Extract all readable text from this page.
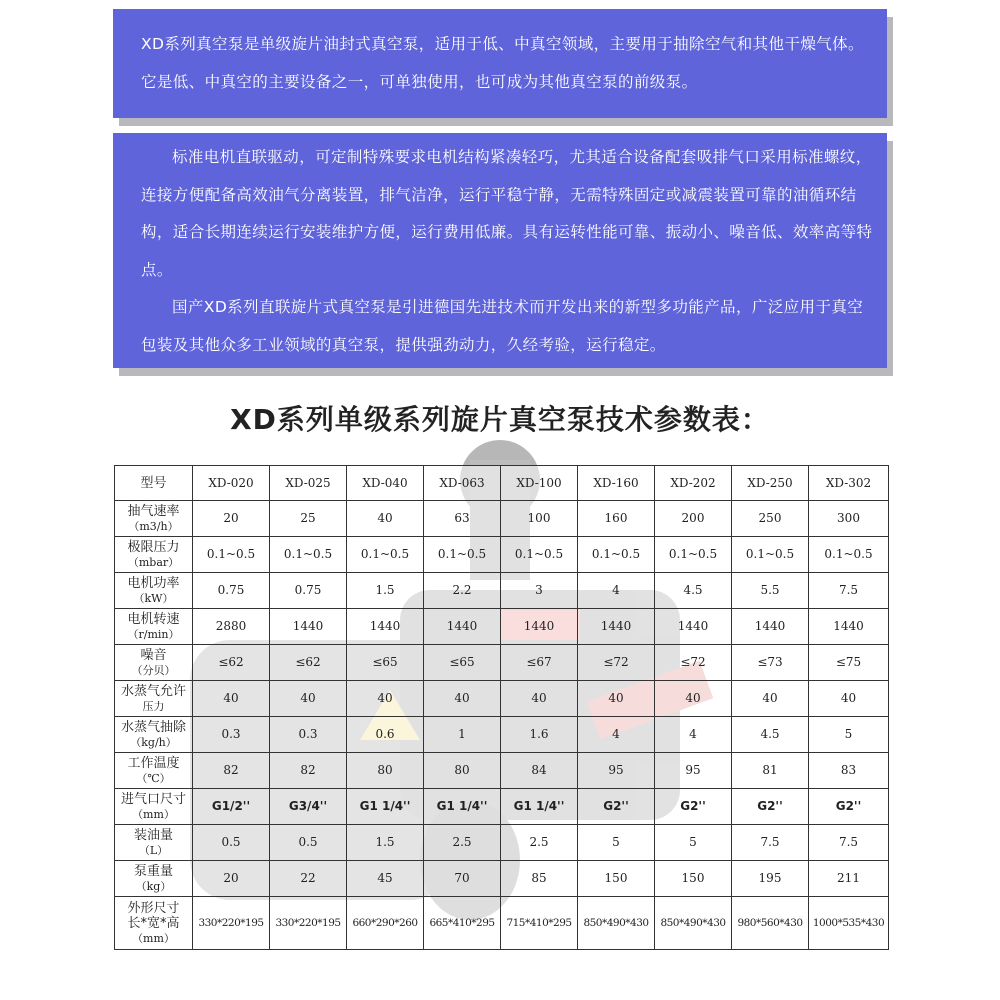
XD系列真空泵是单级旋片油封式真空泵，适用于低、中真空领域，主要用于抽除空气和其他干燥气体。它是低、中真空的主要设备之一，可单独使用，也可成为其他真空泵的前级泵。

标准电机直联驱动，可定制特殊要求电机结构紧凑轻巧，尤其适合设备配套吸排气口采用标准螺纹，连接方便配备高效油气分离装置，排气洁净，运行平稳宁静，无需特殊固定或减震装置可靠的油循环结构，适合长期连续运行安装维护方便，运行费用低廉。具有运转性能可靠、振动小、噪音低、效率高等特点。

国产XD系列直联旋片式真空泵是引进德国先进技术而开发出来的新型多功能产品，广泛应用于真空包装及其他众多工业领域的真空泵，提供强劲动力，久经考验，运行稳定。

XD系列单级系列旋片真空泵技术参数表：
型号	XD-020	XD-025	XD-040	XD-063	XD-100	XD-160	XD-202	XD-250	XD-302

抽气速率
（m3/h）	20	25	40	63	100	160	200	250	300

极限压力
（mbar）	0.1~0.5	0.1~0.5	0.1~0.5	0.1~0.5	0.1~0.5	0.1~0.5	0.1~0.5	0.1~0.5	0.1~0.5

电机功率
（kW）	0.75	0.75	1.5	2.2	3	4	4.5	5.5	7.5

电机转速
（r/min）	2880	1440	1440	1440	1440	1440	1440	1440	1440

噪音
（分贝）	≤62	≤62	≤65	≤65	≤67	≤72	≤72	≤73	≤75

水蒸气允许
压力	40	40	40	40	40	40	40	40	40

水蒸气抽除
（kg/h）	0.3	0.3	0.6	1	1.6	4	4	4.5	5

工作温度
（℃）	82	82	80	80	84	95	95	81	83

进气口尺寸
（mm）	G1/2''	G3/4''	G1 1/4''	G1 1/4''	G1 1/4''	G2''	G2''	G2''	G2''

装油量
（L）	0.5	0.5	1.5	2.5	2.5	5	5	7.5	7.5

泵重量
（kg）	20	22	45	70	85	150	150	195	211

外形尺寸
长*宽*高
（mm）	330*220*195	330*220*195	660*290*260	665*410*295	715*410*295	850*490*430	850*490*430	980*560*430	1000*535*430
